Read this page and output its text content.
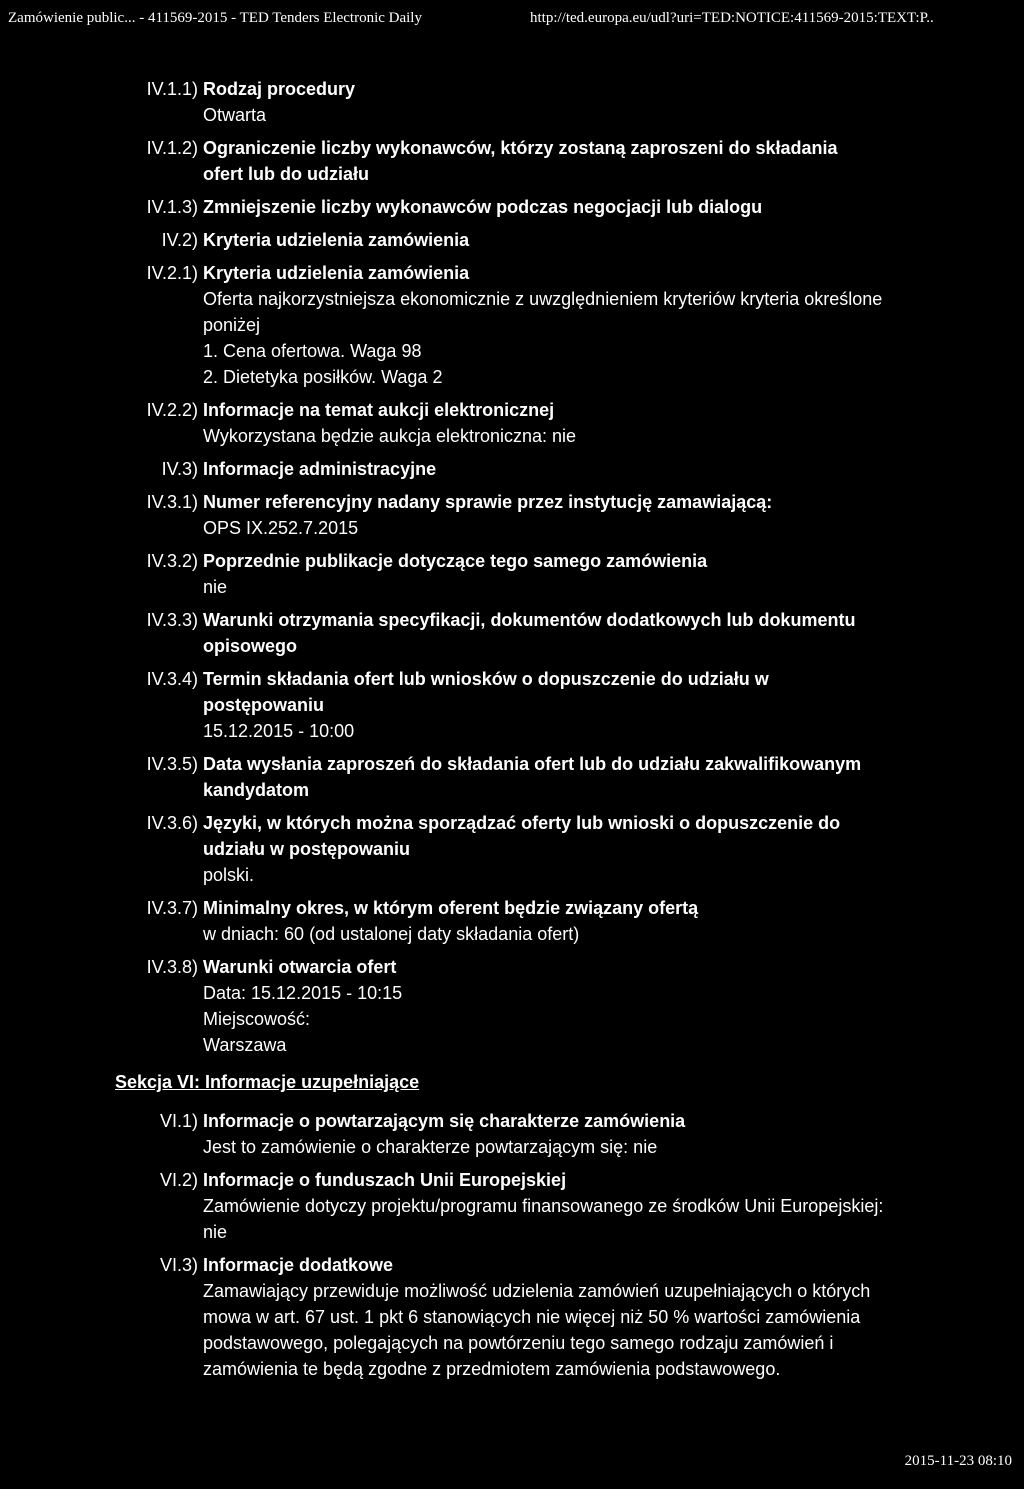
Zamówienie public... - 411569-2015 - TED Tenders Electronic Daily	http://ted.europa.eu/udl?uri=TED:NOTICE:411569-2015:TEXT:P..
IV.1.1) Rodzaj procedury
Otwarta
IV.1.2) Ograniczenie liczby wykonawców, którzy zostaną zaproszeni do składania ofert lub do udziału
IV.1.3) Zmniejszenie liczby wykonawców podczas negocjacji lub dialogu
IV.2) Kryteria udzielenia zamówienia
IV.2.1) Kryteria udzielenia zamówienia
Oferta najkorzystniejsza ekonomicznie z uwzględnieniem kryteriów kryteria określone poniżej
1. Cena ofertowa. Waga 98
2. Dietetyka posiłków. Waga 2
IV.2.2) Informacje na temat aukcji elektronicznej
Wykorzystana będzie aukcja elektroniczna: nie
IV.3) Informacje administracyjne
IV.3.1) Numer referencyjny nadany sprawie przez instytucję zamawiającą:
OPS IX.252.7.2015
IV.3.2) Poprzednie publikacje dotyczące tego samego zamówienia
nie
IV.3.3) Warunki otrzymania specyfikacji, dokumentów dodatkowych lub dokumentu opisowego
IV.3.4) Termin składania ofert lub wniosków o dopuszczenie do udziału w postępowaniu
15.12.2015 - 10:00
IV.3.5) Data wysłania zaproszeń do składania ofert lub do udziału zakwalifikowanym kandydatom
IV.3.6) Języki, w których można sporządzać oferty lub wnioski o dopuszczenie do udziału w postępowaniu
polski.
IV.3.7) Minimalny okres, w którym oferent będzie związany ofertą
w dniach: 60 (od ustalonej daty składania ofert)
IV.3.8) Warunki otwarcia ofert
Data: 15.12.2015 - 10:15
Miejscowość:
Warszawa
Sekcja VI: Informacje uzupełniające
VI.1) Informacje o powtarzającym się charakterze zamówienia
Jest to zamówienie o charakterze powtarzającym się: nie
VI.2) Informacje o funduszach Unii Europejskiej
Zamówienie dotyczy projektu/programu finansowanego ze środków Unii Europejskiej: nie
VI.3) Informacje dodatkowe
Zamawiający przewiduje możliwość udzielenia zamówień uzupełniających o których mowa w art. 67 ust. 1 pkt 6 stanowiących nie więcej niż 50 % wartości zamówienia podstawowego, polegających na powtórzeniu tego samego rodzaju zamówień i zamówienia te będą zgodne z przedmiotem zamówienia podstawowego.
2015-11-23 08:10
